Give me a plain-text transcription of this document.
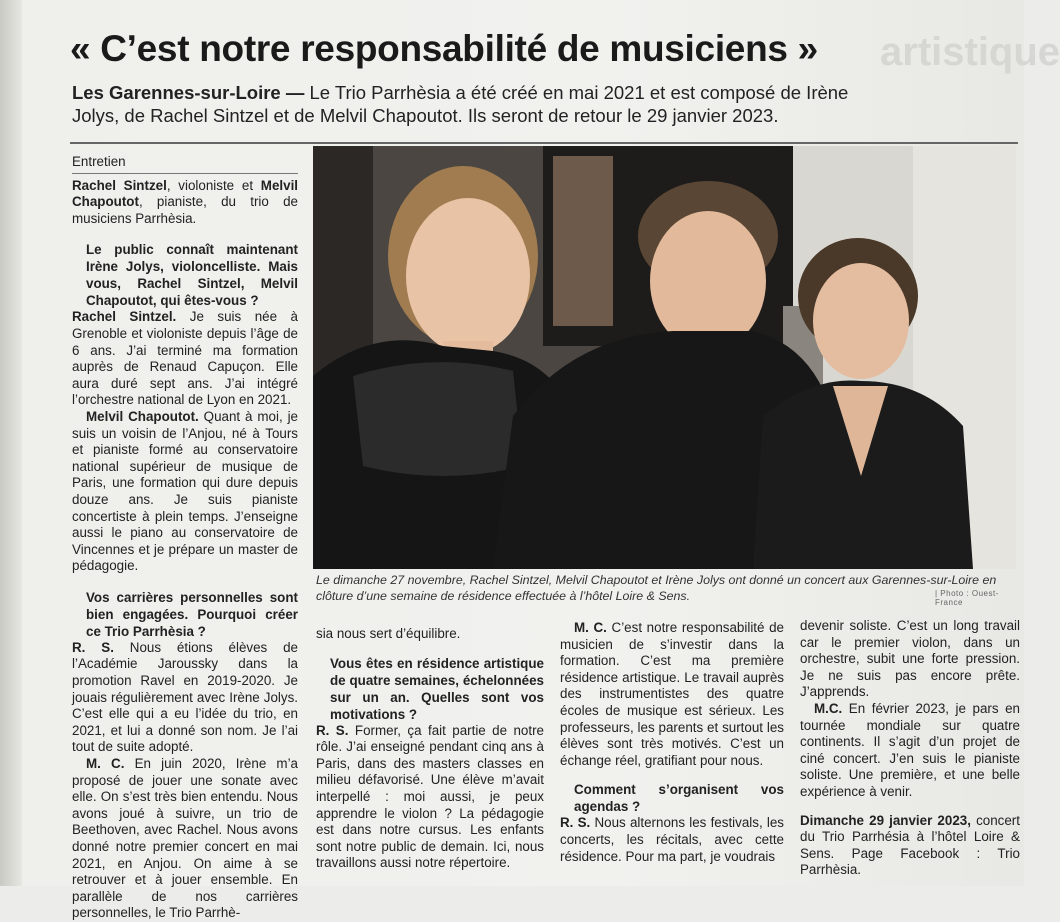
artistique
« C’est notre responsabilité de musiciens »
Les Garennes-sur-Loire — Le Trio Parrhèsia a été créé en mai 2021 et est composé de Irène Jolys, de Rachel Sintzel et de Melvil Chapoutot. Ils seront de retour le 29 janvier 2023.
Entretien

Rachel Sintzel, violoniste et Melvil Chapoutot, pianiste, du trio de musiciens Parrhèsia.

Le public connaît maintenant Irène Jolys, violoncelliste. Mais vous, Rachel Sintzel, Melvil Chapoutot, qui êtes-vous ?

Rachel Sintzel. Je suis née à Grenoble et violoniste depuis l’âge de 6 ans. J’ai terminé ma formation auprès de Renaud Capuçon. Elle aura duré sept ans. J’ai intégré l’orchestre national de Lyon en 2021.

Melvil Chapoutot. Quant à moi, je suis un voisin de l’Anjou, né à Tours et pianiste formé au conservatoire national supérieur de musique de Paris, une formation qui dure depuis douze ans. Je suis pianiste concertiste à plein temps. J’enseigne aussi le piano au conservatoire de Vincennes et je prépare un master de pédagogie.

Vos carrières personnelles sont bien engagées. Pourquoi créer ce Trio Parrhèsia ?

R. S. Nous étions élèves de l’Académie Jaroussky dans la promotion Ravel en 2019-2020. Je jouais régulièrement avec Irène Jolys. C’est elle qui a eu l’idée du trio, en 2021, et lui a donné son nom. Je l’ai tout de suite adopté.

M. C. En juin 2020, Irène m’a proposé de jouer une sonate avec elle. On s’est très bien entendu. Nous avons joué à suivre, un trio de Beethoven, avec Rachel. Nous avons donné notre premier concert en mai 2021, en Anjou. On aime à se retrouver et à jouer ensemble. En parallèle de nos carrières personnelles, le Trio Parrhè-

Le dimanche 27 novembre, Rachel Sintzel, Melvil Chapoutot et Irène Jolys ont donné un concert aux Garennes-sur-Loire en clôture d’une semaine de résidence effectuée à l’hôtel Loire & Sens.	| Photo : Ouest-France

sia nous sert d’équilibre.

Vous êtes en résidence artistique de quatre semaines, échelonnées sur un an. Quelles sont vos motivations ?

R. S. Former, ça fait partie de notre rôle. J’ai enseigné pendant cinq ans à Paris, dans des masters classes en milieu défavorisé. Une élève m’avait interpellé : moi aussi, je peux apprendre le violon ? La pédagogie est dans notre cursus. Les enfants sont notre public de demain. Ici, nous travaillons aussi notre répertoire.

M. C. C’est notre responsabilité de musicien de s’investir dans la formation. C’est ma première résidence artistique. Le travail auprès des instrumentistes des quatre écoles de musique est sérieux. Les professeurs, les parents et surtout les élèves sont très motivés. C’est un échange réel, gratifiant pour nous.

Comment s’organisent vos agendas ?

R. S. Nous alternons les festivals, les concerts, les récitals, avec cette résidence. Pour ma part, je voudrais

devenir soliste. C’est un long travail car le premier violon, dans un orchestre, subit une forte pression. Je ne suis pas encore prête. J’apprends.

M.C. En février 2023, je pars en tournée mondiale sur quatre continents. Il s’agit d’un projet de ciné concert. J’en suis le pianiste soliste. Une première, et une belle expérience à venir.

Dimanche 29 janvier 2023, concert du Trio Parrhésia à l’hôtel Loire & Sens. Page Facebook : Trio Parrhèsia.
